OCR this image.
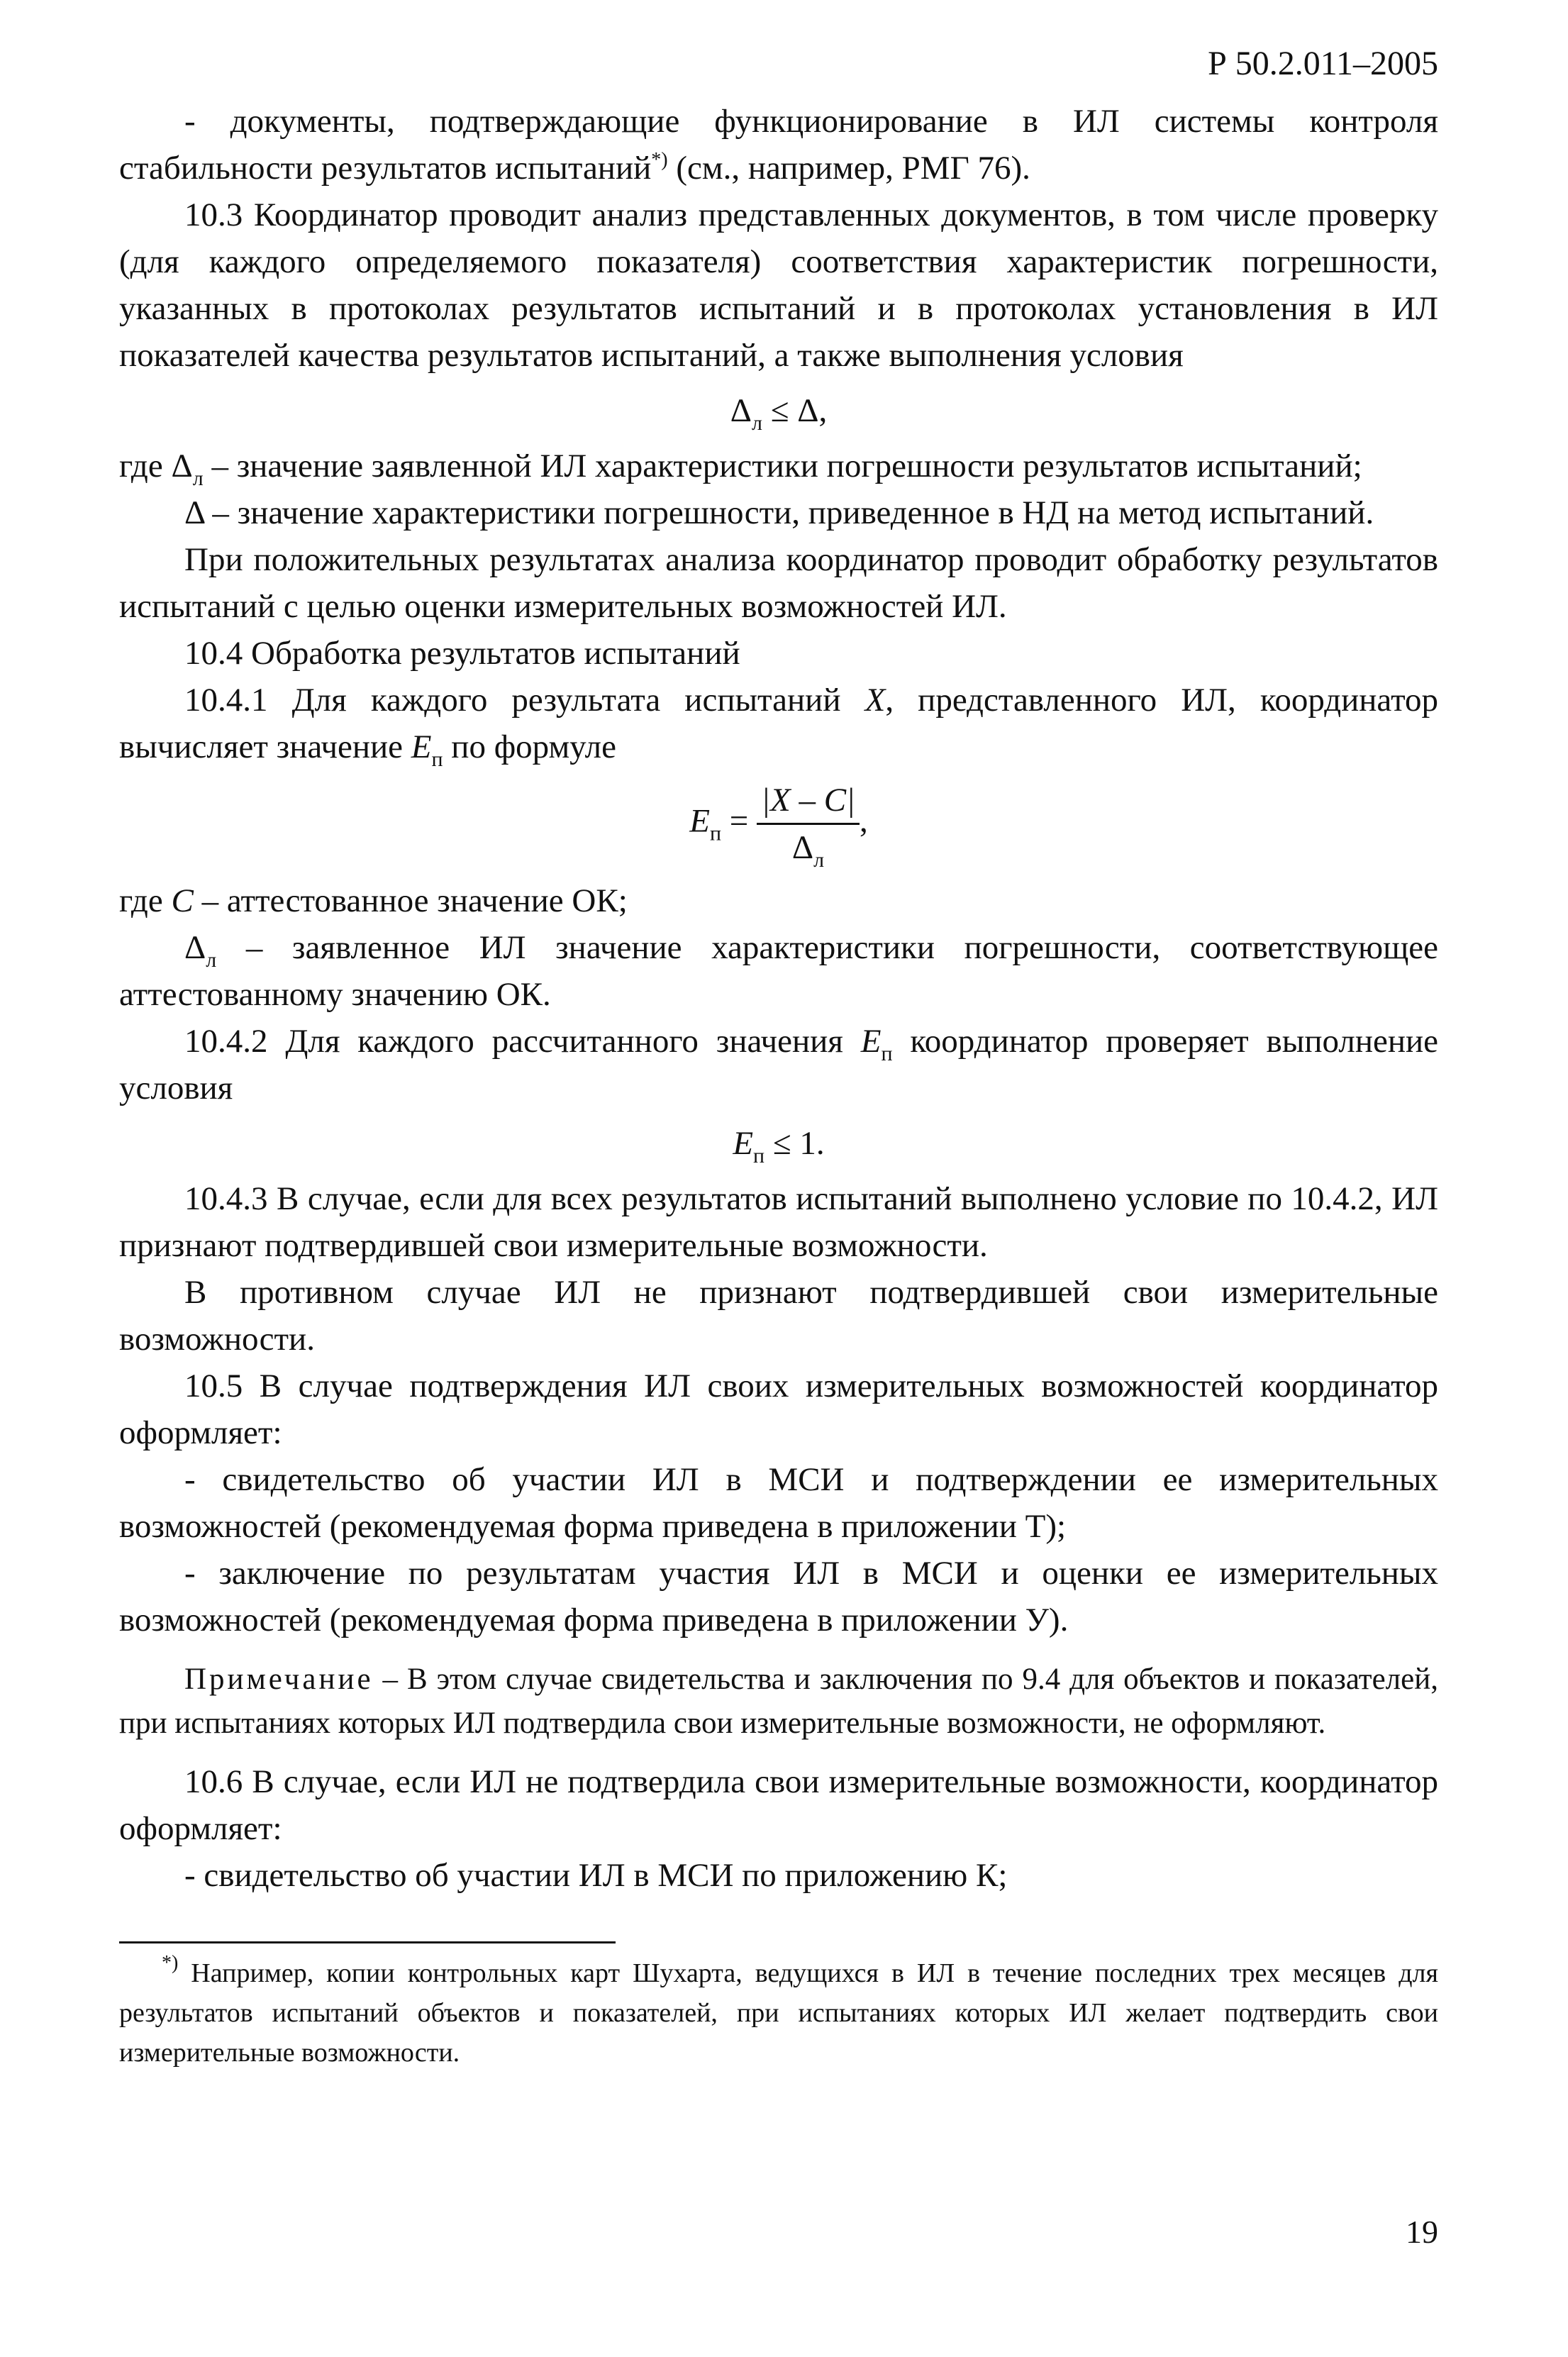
Р 50.2.011–2005

- документы, подтверждающие функционирование в ИЛ системы контроля стабильности результатов испытаний*) (см., например, РМГ 76).

10.3 Координатор проводит анализ представленных документов, в том числе проверку (для каждого определяемого показателя) соответствия характеристик погрешности, указанных в протоколах результатов испытаний и в протоколах установления в ИЛ показателей качества результатов испытаний, а также выполнения условия

$\Delta_л \le \Delta$,

где $\Delta_л$ – значение заявленной ИЛ характеристики погрешности результатов испытаний;

Δ – значение характеристики погрешности, приведенное в НД на метод испытаний.

При положительных результатах анализа координатор проводит обработку результатов испытаний с целью оценки измерительных возможностей ИЛ.

10.4 Обработка результатов испытаний

10.4.1 Для каждого результата испытаний X, представленного ИЛ, координатор вычисляет значение $E_п$ по формуле

$E_п = \frac{|X - C|}{\Delta_л}$ ,

где C – аттестованное значение ОК;

$\Delta_л$ – заявленное ИЛ значение характеристики погрешности, соответствующее аттестованному значению ОК.

10.4.2 Для каждого рассчитанного значения $E_п$ координатор проверяет выполнение условия

$E_п \le 1$.

10.4.3 В случае, если для всех результатов испытаний выполнено условие по 10.4.2, ИЛ признают подтвердившей свои измерительные возможности.

В противном случае ИЛ не признают подтвердившей свои измерительные возможности.

10.5 В случае подтверждения ИЛ своих измерительных возможностей координатор оформляет:

- свидетельство об участии ИЛ в МСИ и подтверждении ее измерительных возможностей (рекомендуемая форма приведена в приложении Т);

- заключение по результатам участия ИЛ в МСИ и оценки ее измерительных возможностей (рекомендуемая форма приведена в приложении У).

Примечание – В этом случае свидетельства и заключения по 9.4 для объектов и показателей, при испытаниях которых ИЛ подтвердила свои измерительные возможности, не оформляют.

10.6 В случае, если ИЛ не подтвердила свои измерительные возможности, координатор оформляет:

- свидетельство об участии ИЛ в МСИ по приложению К;

*) Например, копии контрольных карт Шухарта, ведущихся в ИЛ в течение последних трех месяцев для результатов испытаний объектов и показателей, при испытаниях которых ИЛ желает подтвердить свои измерительные возможности.

19
